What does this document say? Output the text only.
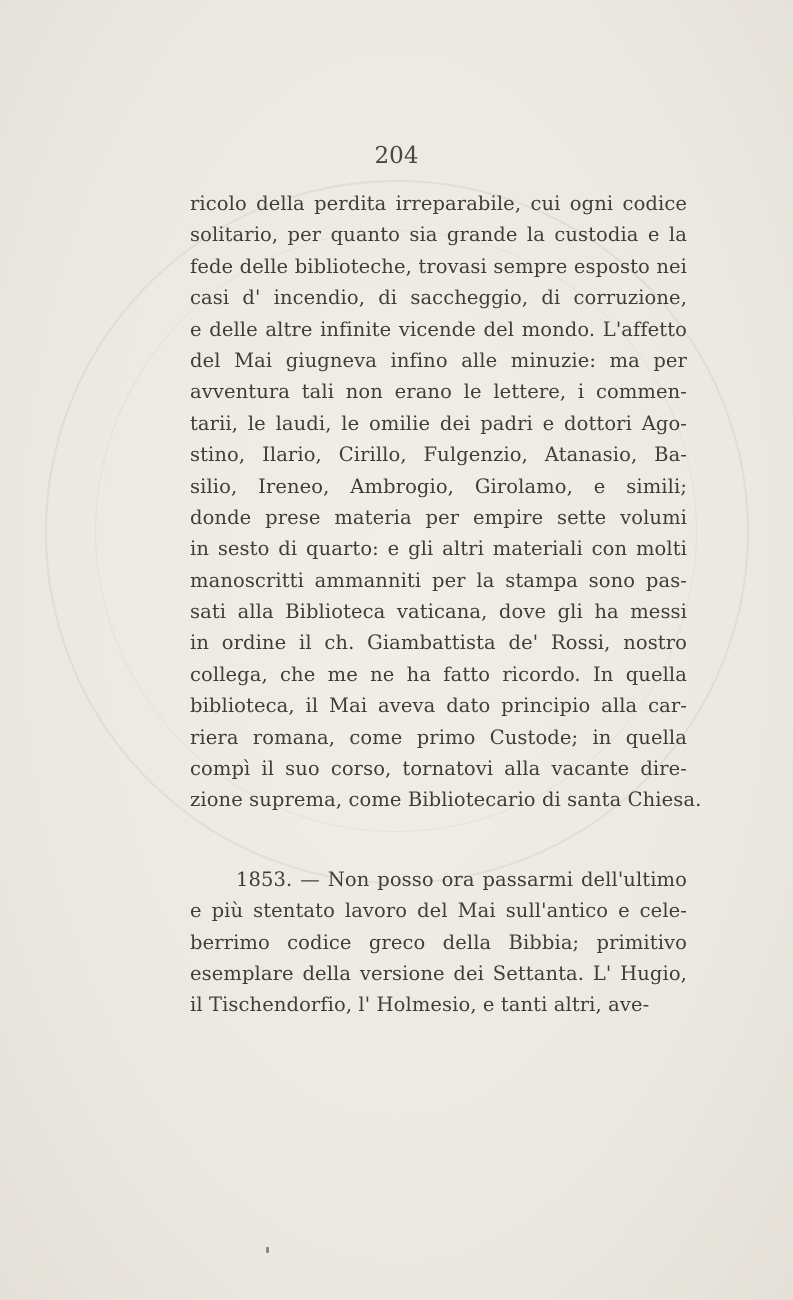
204
ricolo della perdita irreparabile, cui ogni codice
solitario, per quanto sia grande la custodia e la
fede delle biblioteche, trovasi sempre esposto nei
casi d' incendio, di saccheggio, di corruzione,
e delle altre infinite vicende del mondo. L'affetto
del Mai giugneva infino alle minuzie: ma per
avventura tali non erano le lettere, i commen-
tarii, le laudi, le omilie dei padri e dottori Ago-
stino, Ilario, Cirillo, Fulgenzio, Atanasio, Ba-
silio, Ireneo, Ambrogio, Girolamo, e simili;
donde prese materia per empire sette volumi
in sesto di quarto: e gli altri materiali con molti
manoscritti ammanniti per la stampa sono pas-
sati alla Biblioteca vaticana, dove gli ha messi
in ordine il ch. Giambattista de' Rossi, nostro
collega, che me ne ha fatto ricordo. In quella
biblioteca, il Mai aveva dato principio alla car-
riera romana, come primo Custode; in quella
compì il suo corso, tornatovi alla vacante dire-
zione suprema, come Bibliotecario di santa Chiesa.
1853. — Non posso ora passarmi dell'ultimo
e più stentato lavoro del Mai sull'antico e cele-
berrimo codice greco della Bibbia; primitivo
esemplare della versione dei Settanta. L' Hugio,
il Tischendorfio, l' Holmesio, e tanti altri, ave-
